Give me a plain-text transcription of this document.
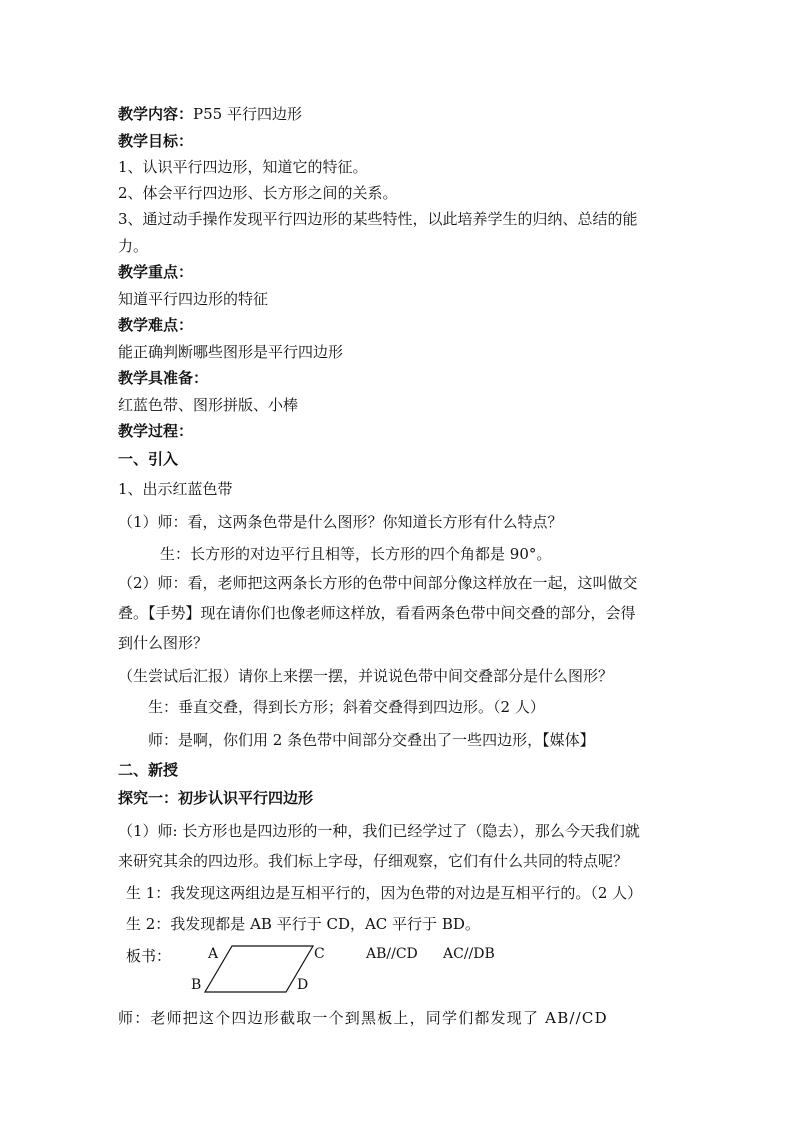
教学内容：P55 平行四边形
教学目标：
1、认识平行四边形，知道它的特征。
2、体会平行四边形、长方形之间的关系。
3、通过动手操作发现平行四边形的某些特性，以此培养学生的归纳、总结的能
力。
教学重点：
知道平行四边形的特征
教学难点：
能正确判断哪些图形是平行四边形
教学具准备：
红蓝色带、图形拼版、小棒
教学过程：
一、引入
1、出示红蓝色带
（1）师：看，这两条色带是什么图形？你知道长方形有什么特点？
生：长方形的对边平行且相等，长方形的四个角都是 90°。
（2）师：看，老师把这两条长方形的色带中间部分像这样放在一起，这叫做交
叠。【手势】现在请你们也像老师这样放，看看两条色带中间交叠的部分，会得
到什么图形？
（生尝试后汇报）请你上来摆一摆，并说说色带中间交叠部分是什么图形？
生：垂直交叠，得到长方形；斜着交叠得到四边形。（2 人）
师：是啊，你们用 2 条色带中间部分交叠出了一些四边形，【媒体】
二、新授
探究一：初步认识平行四边形
（1）师: 长方形也是四边形的一种，我们已经学过了（隐去），那么今天我们就
来研究其余的四边形。我们标上字母，仔细观察，它们有什么共同的特点呢？
生 1：我发现这两组边是互相平行的，因为色带的对边是互相平行的。（2 人）
生 2：我发现都是 AB 平行于 CD，AC 平行于 BD。
板书：	A	C
B	D
AB//CD AC//DB
师：老师把这个四边形截取一个到黑板上，同学们都发现了 AB//CD
